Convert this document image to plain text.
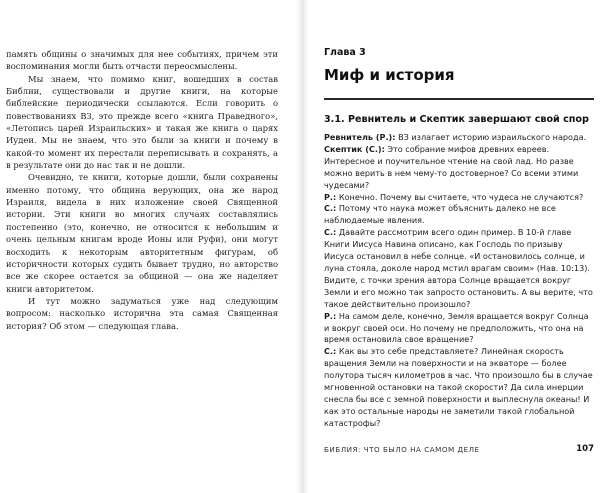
память общины о значимых для нее событиях, причем эти воспоминания могли быть отчасти переосмыслены.

Мы знаем, что помимо книг, вошедших в состав Библии, существовали и другие книги, на которые библейские периодически ссылаются. Если говорить о повествованиях ВЗ, это прежде всего «книга Праведного», «Летопись царей Израильских» и такая же книга о царях Иудеи. Мы не знаем, что это были за книги и почему в какой-то момент их перестали переписывать и сохранять, а в результате они до нас так и не дошли.

Очевидно, те книги, которые дошли, были сохранены именно потому, что община верующих, она же народ Израиля, видела в них изложение своей Священной истории. Эти книги во многих случаях составлялись постепенно (это, конечно, не относится к небольшим и очень цельным книгам вроде Ионы или Руфи), они могут восходить к некоторым авторитетным фигурам, об историчности которых судить бывает трудно, но авторство все же скорее остается за общиной — она же наделяет книги авторитетом.

И тут можно задуматься уже над следующим вопросом: насколько исторична эта самая Священная история? Об этом — следующая глава.

Глава 3
Миф и история
3.1. Ревнитель и Скептик завершают свой спор

Ревнитель (Р.): ВЗ излагает историю израильского народа.

Скептик (С.): Это собрание мифов древних евреев. Интересное и поучительное чтение на свой лад. Но разве можно верить в нем чему-то достоверное? Со всеми этими чудесами?

Р.: Конечно. Почему вы считаете, что чудеса не случаются?

С.: Потому что наука может объяснить далеко не все наблюдаемые явления.

С.: Давайте рассмотрим всего один пример. В 10-й главе Книги Иисуса Навина описано, как Господь по призыву Иисуса остановил в небе солнце. «И остановилось солнце, и луна стояла, доколе народ мстил врагам своим» (Нав. 10:13). Видите, с точки зрения автора Солнце вращается вокруг Земли и его можно так запросто остановить. А вы верите, что такое действительно произошло?

Р.: На самом деле, конечно, Земля вращается вокруг Солнца и вокруг своей оси. Но почему не предположить, что она на время остановила свое вращение?

С.: Как вы это себе представляете? Линейная скорость вращения Земли на поверхности и на экваторе — более полутора тысяч километров в час. Что произошло бы в случае мгновенной остановки на такой скорости? Да сила инерции снесла бы все с земной поверхности и выплеснула океаны! И как это остальные народы не заметили такой глобальной катастрофы?

БИБЛИЯ: ЧТО БЫЛО НА САМОМ ДЕЛЕ	107
